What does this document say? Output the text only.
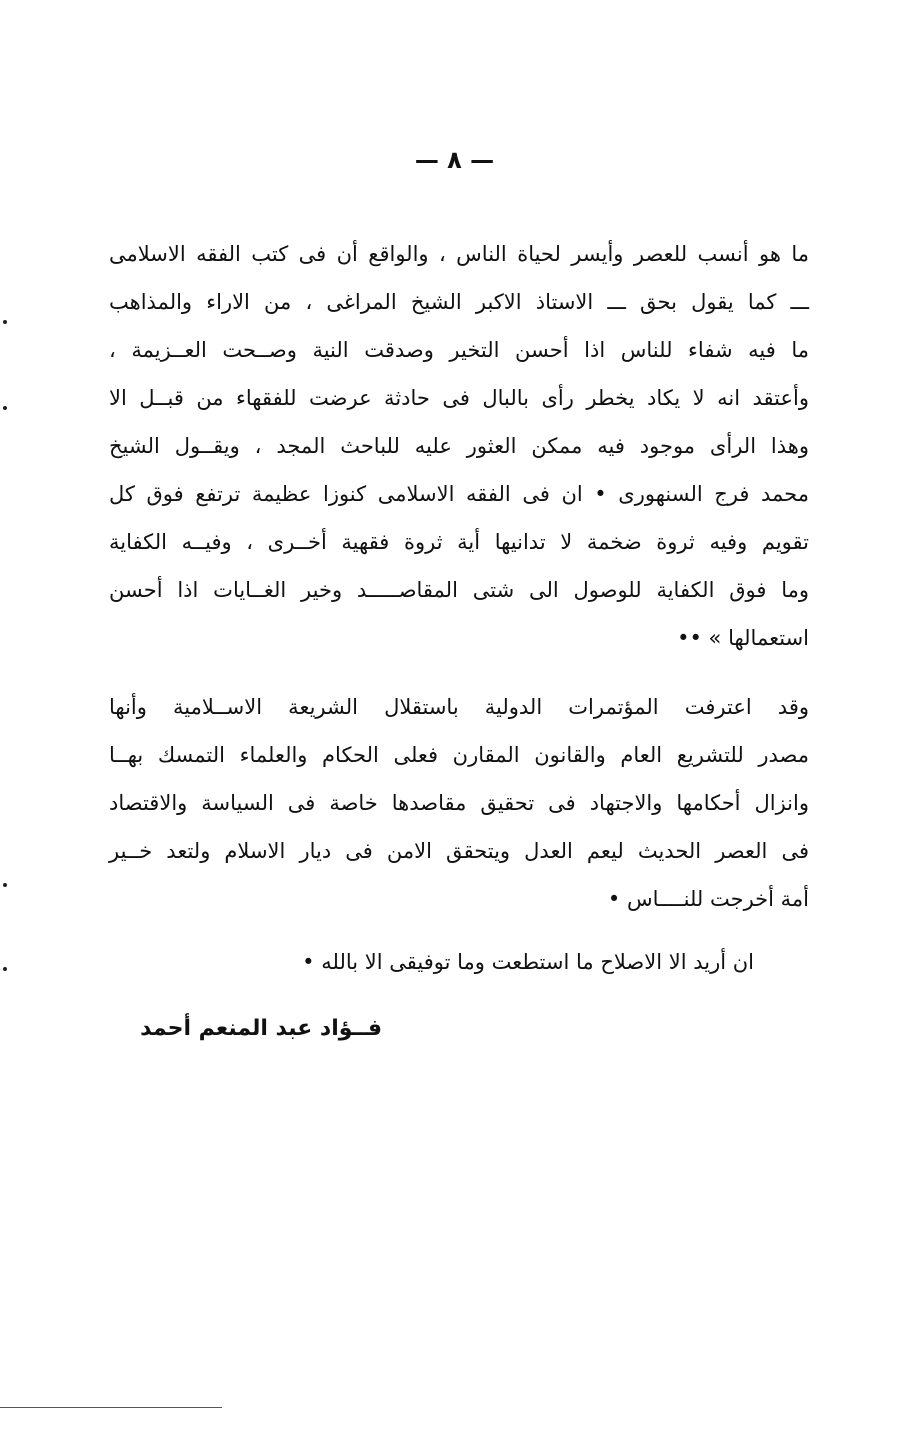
— ٨ —
ما هو أنسب للعصر وأيسر لحياة الناس ، والواقع أن فى كتب الفقه الاسلامى
ـــ كما يقول بحق ـــ الاستاذ الاكبر الشيخ المراغى ، من الاراء والمذاهب
ما فيه شفاء للناس اذا أحسن التخير وصدقت النية وصــحت العــزيمة ،
وأعتقد انه لا يكاد يخطر رأى بالبال فى حادثة عرضت للفقهاء من قبــل الا
وهذا الرأى موجود فيه ممكن العثور عليه للباحث المجد ، ويقــول الشيخ
محمد فرج السنهورى • ان فى الفقه الاسلامى كنوزا عظيمة ترتفع فوق كل
تقويم وفيه ثروة ضخمة لا تدانيها أية ثروة فقهية أخــرى ، وفيــه الكفاية
وما فوق الكفاية للوصول الى شتى المقاصـــــد وخير الغــايات اذا أحسن
استعمالها » ••
وقد اعترفت المؤتمرات الدولية باستقلال الشريعة الاســلامية وأنها
مصدر للتشريع العام والقانون المقارن فعلى الحكام والعلماء التمسك بهــا
وانزال أحكامها والاجتهاد فى تحقيق مقاصدها خاصة فى السياسة والاقتصاد
فى العصر الحديث ليعم العدل ويتحقق الامن فى ديار الاسلام ولتعد خــير
أمة أخرجت للنــــاس •
ان أريد الا الاصلاح ما استطعت وما توفيقى الا بالله •
فــؤاد عبد المنعم أحمد
